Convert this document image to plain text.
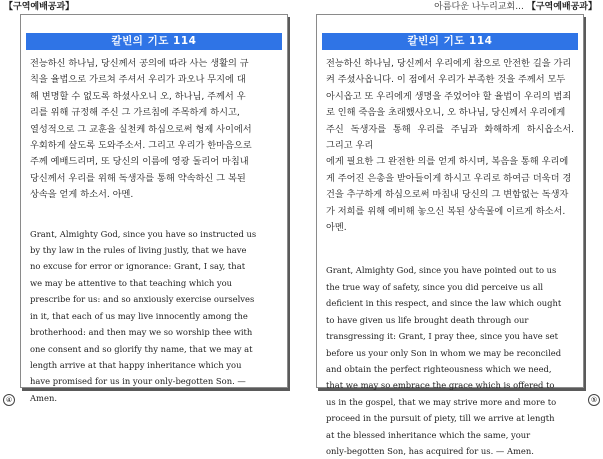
【구역예배공과】	아름다운 나누리교회... 【구역예배공과】
칼빈의 기도 114
전능하신 하나님, 당신께서 공의에 따라 사는 생활의 규
칙을 율법으로 가르쳐 주셔서 우리가 과오나 무지에 대
해 변명할 수 없도록 하셨사오니 오, 하나님, 주께서 우
리를 위해 규정해 주신 그 가르침에 주목하게 하시고,
열성적으로 그 교훈을 실천케 하심으로써 형제 사이에서
우회하게 살도록 도와주소서. 그리고 우리가 한마음으로
주께 예배드리며, 또 당신의 이름에 영광 돌리어 마침내
당신께서 우리를 위해 독생자를 통해 약속하신 그 복된
상속을 얻게 하소서. 아멘.
Grant, Almighty God, since you have so instructed us
by thy law in the rules of living justly, that we have
no excuse for error or ignorance: Grant, I say, that
we may be attentive to that teaching which you
prescribe for us: and so anxiously exercise ourselves
in it, that each of us may live innocently among the
brotherhood: and then may we so worship thee with
one consent and so glorify thy name, that we may at
length arrive at that happy inheritance which you
have promised for us in your only-begotten Son. —
Amen.
칼빈의 기도 114
전능하신 하나님, 당신께서 우리에게 참으로 안전한 길을 가리
켜 주셨사옵니다. 이 점에서 우리가 부족한 것을 주께서 모두
아시옵고 또 우리에게 생명을 주었어야 할 율법이 우리의 범죄
로 인해 죽음을 초래했사오니, 오 하나님, 당신께서 우리에게
주신 독생자를 통해 우리를 주님과 화해하게 하시옵소서. 그리고 우리
에게 필요한 그 완전한 의를 얻게 하시며, 복음을 통해 우리에
게 주어진 은총을 받아들이게 하시고 우리로 하여금 더욱더 경
건을 추구하게 하심으로써 마침내 당신의 그 변함없는 독생자
가 저희를 위해 예비해 놓으신 복된 상속물에 이르게 하소서.
아멘.
Grant, Almighty God, since you have pointed out to us
the true way of safety, since you did perceive us all
deficient in this respect, and since the law which ought
to have given us life brought death through our
transgressing it: Grant, I pray thee, since you have set
before us your only Son in whom we may be reconciled
and obtain the perfect righteousness which we need,
that we may so embrace the grace which is offered to
us in the gospel, that we may strive more and more to
proceed in the pursuit of piety, till we arrive at length
at the blessed inheritance which the same, your
only-begotten Son, has acquired for us. — Amen.
④	⑤
